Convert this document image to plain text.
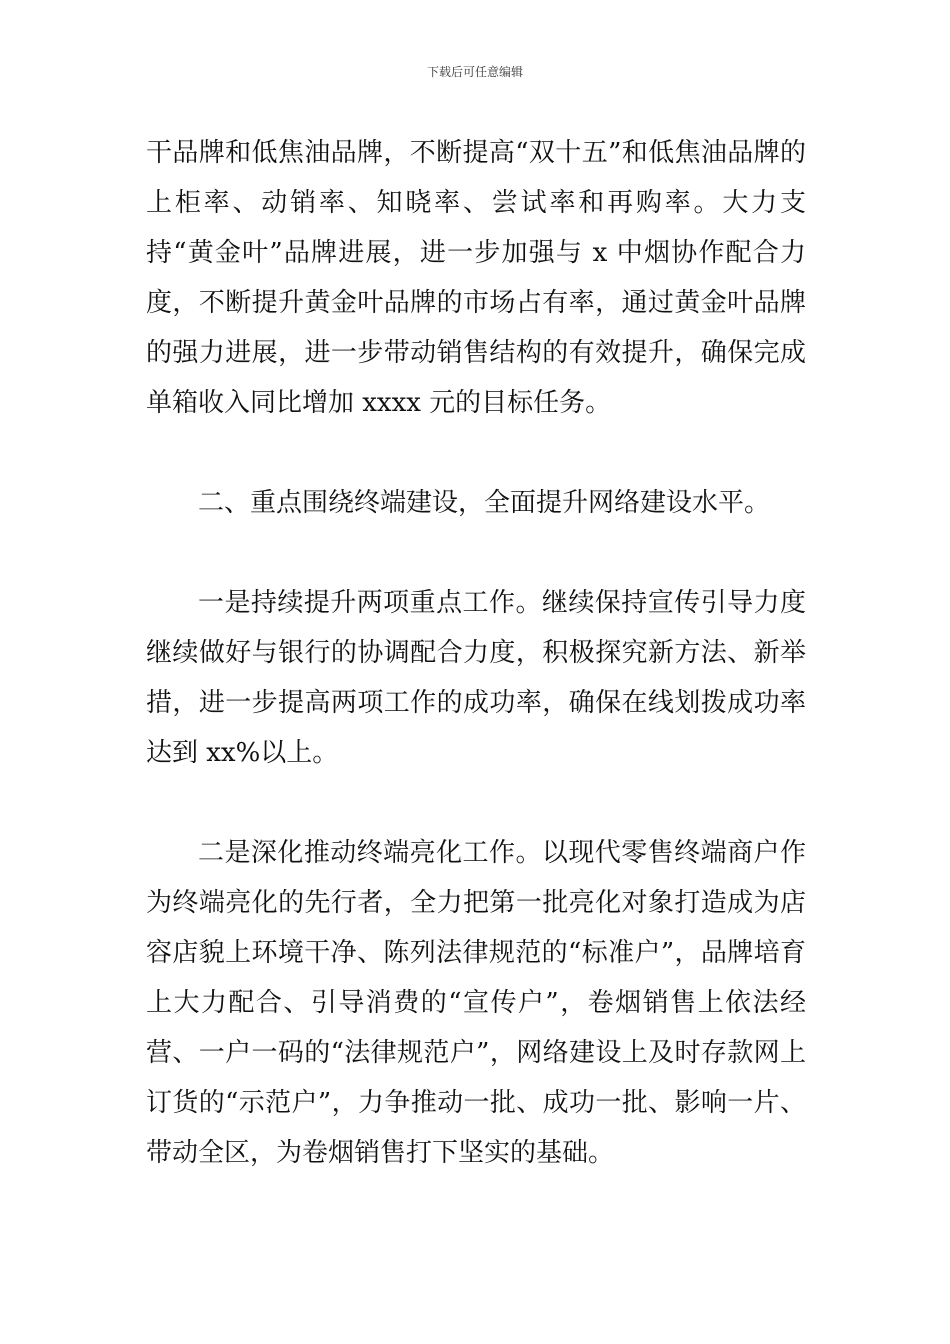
下载后可任意编辑

干品牌和低焦油品牌，不断提高“双十五”和低焦油品牌的上柜率、动销率、知晓率、尝试率和再购率。大力支持“黄金叶”品牌进展，进一步加强与 x 中烟协作配合力度，不断提升黄金叶品牌的市场占有率，通过黄金叶品牌的强力进展，进一步带动销售结构的有效提升，确保完成单箱收入同比增加 xxxx 元的目标任务。

二、重点围绕终端建设，全面提升网络建设水平。

一是持续提升两项重点工作。继续保持宣传引导力度继续做好与银行的协调配合力度，积极探究新方法、新举措，进一步提高两项工作的成功率，确保在线划拨成功率达到 xx%以上。

二是深化推动终端亮化工作。以现代零售终端商户作为终端亮化的先行者，全力把第一批亮化对象打造成为店容店貌上环境干净、陈列法律规范的“标准户”，品牌培育上大力配合、引导消费的“宣传户”，卷烟销售上依法经营、一户一码的“法律规范户”，网络建设上及时存款网上订货的“示范户”，力争推动一批、成功一批、影响一片、带动全区，为卷烟销售打下坚实的基础。
